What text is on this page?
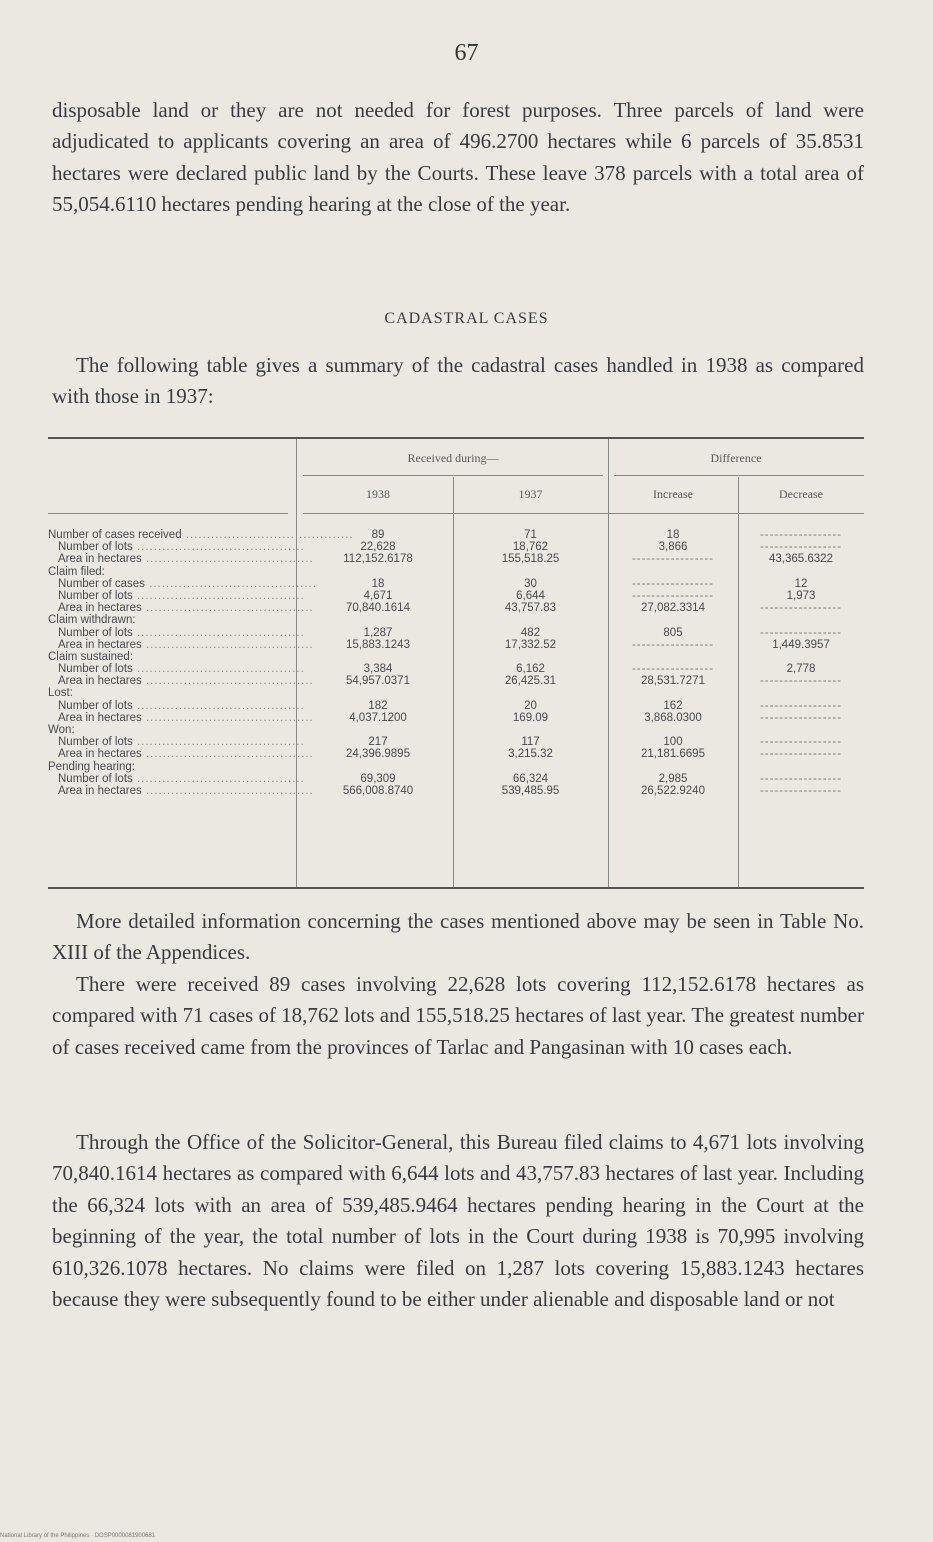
67

disposable land or they are not needed for forest purposes. Three parcels of land were adjudicated to applicants covering an area of 496.2700 hectares while 6 parcels of 35.8531 hectares were declared public land by the Courts. These leave 378 parcels with a total area of 55,054.6110 hectares pending hearing at the close of the year.

CADASTRAL CASES

The following table gives a summary of the cadastral cases handled in 1938 as compared with those in 1937:

Received during—	Difference
1938	1937	Increase	Decrease
Number of cases received ........................................	89	71	18	-----------------
Number of lots ........................................	22,628	18,762	3,866	-----------------
Area in hectares ........................................	112,152.6178	155,518.25	-----------------	43,365.6322
Claim filed:
Number of cases ........................................	18	30	-----------------	12
Number of lots ........................................	4,671	6,644	-----------------	1,973
Area in hectares ........................................	70,840.1614	43,757.83	27,082.3314	-----------------
Claim withdrawn:
Number of lots ........................................	1,287	482	805	-----------------
Area in hectares ........................................	15,883.1243	17,332.52	-----------------	1,449.3957
Claim sustained:
Number of lots ........................................	3,384	6,162	-----------------	2,778
Area in hectares ........................................	54,957.0371	26,425.31	28,531.7271	-----------------
Lost:
Number of lots ........................................	182	20	162	-----------------
Area in hectares ........................................	4,037.1200	169.09	3,868.0300	-----------------
Won:
Number of lots ........................................	217	117	100	-----------------
Area in hectares ........................................	24,396.9895	3,215.32	21,181.6695	-----------------
Pending hearing:
Number of lots ........................................	69,309	66,324	2,985	-----------------
Area in hectares ........................................	566,008.8740	539,485.95	26,522.9240	-----------------

More detailed information concerning the cases mentioned above may be seen in Table No. XIII of the Appendices.

There were received 89 cases involving 22,628 lots covering 112,152.6178 hectares as compared with 71 cases of 18,762 lots and 155,518.25 hectares of last year. The greatest number of cases received came from the provinces of Tarlac and Pangasinan with 10 cases each.

Through the Office of the Solicitor-General, this Bureau filed claims to 4,671 lots involving 70,840.1614 hectares as compared with 6,644 lots and 43,757.83 hectares of last year. Including the 66,324 lots with an area of 539,485.9464 hectares pending hearing in the Court at the beginning of the year, the total number of lots in the Court during 1938 is 70,995 involving 610,326.1078 hectares. No claims were filed on 1,287 lots covering 15,883.1243 hectares because they were subsequently found to be either under alienable and disposable land or not

National Library of the Philippines · DOSP0000081900681
